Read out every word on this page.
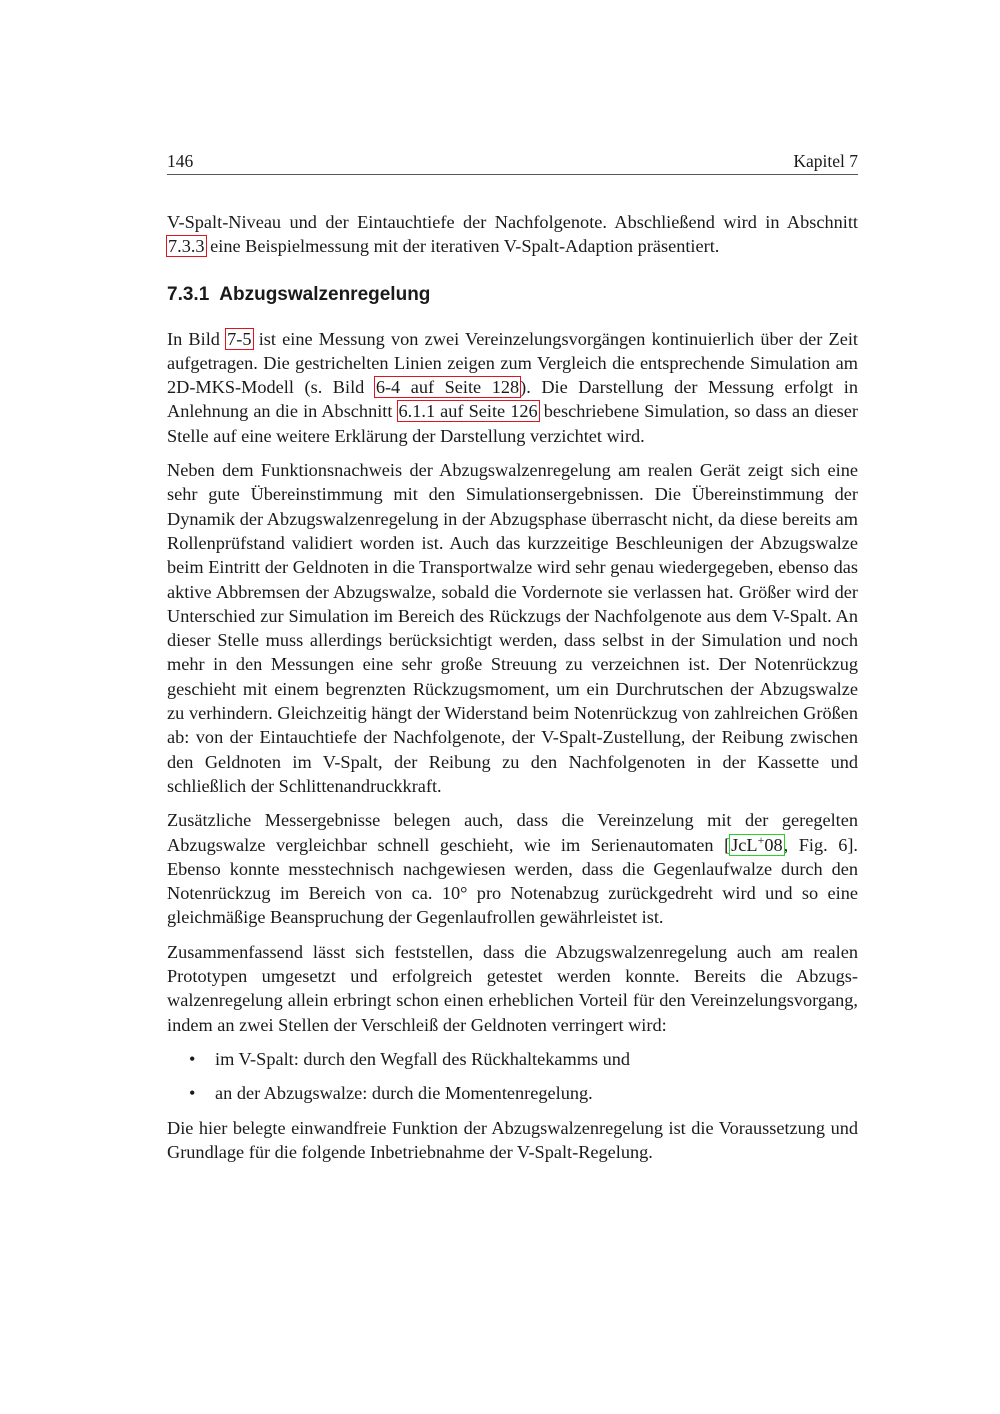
146	Kapitel 7

V-Spalt-Niveau und der Eintauchtiefe der Nachfolgenote. Abschließend wird in Abschnitt 7.3.3 eine Beispielmessung mit der iterativen V-Spalt-Adaption präsentiert.

7.3.1 Abzugswalzenregelung

In Bild 7-5 ist eine Messung von zwei Vereinzelungsvorgängen kontinuierlich über der Zeit aufgetragen. Die gestrichelten Linien zeigen zum Vergleich die entsprechende Simulation am 2D-MKS-Modell (s. Bild 6-4 auf Seite 128). Die Darstellung der Messung erfolgt in Anlehnung an die in Abschnitt 6.1.1 auf Seite 126 beschriebene Simulation, so dass an dieser Stelle auf eine weitere Erklärung der Darstellung verzichtet wird.

Neben dem Funktionsnachweis der Abzugswalzenregelung am realen Gerät zeigt sich eine sehr gute Übereinstimmung mit den Simulationsergebnissen. Die Übereinstimmung der Dynamik der Abzugswalzenregelung in der Abzugsphase überrascht nicht, da diese bereits am Rollenprüfstand validiert worden ist. Auch das kurzzeitige Beschleunigen der Abzugswalze beim Eintritt der Geldnoten in die Transportwalze wird sehr genau wiedergegeben, ebenso das aktive Abbremsen der Abzugswalze, sobald die Vordernote sie verlassen hat. Größer wird der Unterschied zur Simulation im Bereich des Rückzugs der Nachfolgenote aus dem V-Spalt. An dieser Stelle muss allerdings berücksichtigt werden, dass selbst in der Simulation und noch mehr in den Messungen eine sehr große Streuung zu verzeichnen ist. Der Notenrückzug geschieht mit einem begrenzten Rückzugsmoment, um ein Durchrutschen der Abzugswalze zu verhindern. Gleichzeitig hängt der Widerstand beim Notenrückzug von zahlreichen Größen ab: von der Eintauchtiefe der Nachfolgenote, der V-Spalt-Zustellung, der Reibung zwischen den Geldnoten im V-Spalt, der Reibung zu den Nachfolgenoten in der Kassette und schließlich der Schlittenandruckkraft.

Zusätzliche Messergebnisse belegen auch, dass die Vereinzelung mit der geregelten Abzugswalze vergleichbar schnell geschieht, wie im Serienautomaten [JcL+08, Fig. 6]. Ebenso konnte messtechnisch nachgewiesen werden, dass die Gegenlaufwalze durch den Notenrückzug im Bereich von ca. 10° pro Notenabzug zurückgedreht wird und so eine gleichmäßige Beanspruchung der Gegenlaufrollen gewährleistet ist.

Zusammenfassend lässt sich feststellen, dass die Abzugswalzenregelung auch am realen Prototypen umgesetzt und erfolgreich getestet werden konnte. Bereits die Abzugswalzenregelung allein erbringt schon einen erheblichen Vorteil für den Vereinzelungsvorgang, indem an zwei Stellen der Verschleiß der Geldnoten verringert wird:

• im V-Spalt: durch den Wegfall des Rückhaltekamms und
• an der Abzugswalze: durch die Momentenregelung.

Die hier belegte einwandfreie Funktion der Abzugswalzenregelung ist die Voraussetzung und Grundlage für die folgende Inbetriebnahme der V-Spalt-Regelung.
